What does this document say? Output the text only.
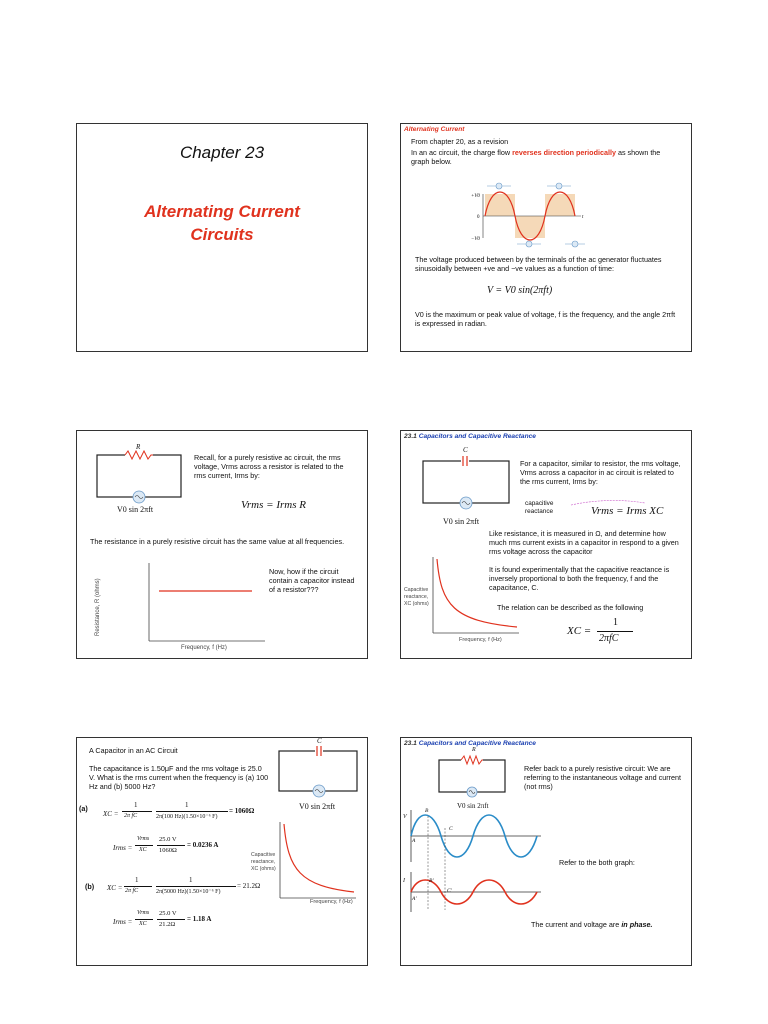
Chapter 23
Alternating Current
Circuits
Alternating Current
From chapter 20, as a revision
In an ac circuit, the charge flow reverses direction periodically as shown the
graph below.
+V0
0
−V0
t
The voltage produced between by the terminals of the ac generator fluctuates sinusoidally between +ve and −ve values as a function of time:
V = V0 sin(2πft)
V0 is the maximum or peak value of voltage, f is the frequency, and the angle 2πft is expressed in radian.
R
V0 sin 2πft
Recall, for a purely resistive ac circuit, the rms voltage, Vrms across a resistor is related to the rms current, Irms by:
Vrms = Irms R
The resistance in a purely resistive circuit has the same value at all frequencies.
Resistance, R (ohms)
Frequency, f (Hz)
Now, how if the circuit contain a capacitor instead of a resistor???
23.1 Capacitors and Capacitive Reactance
C
V0 sin 2πft
For a capacitor, similar to resistor, the rms voltage, Vrms across a capacitor in ac circuit is related to the rms current, Irms by:
capacitive reactance	Vrms = Irms XC
Like resistance, it is measured in Ω, and determine how much rms current exists in a capacitor in respond to a given rms voltage across the capacitor
It is found experimentally that the capacitive reactance is inversely proportional to both the frequency, f and the capacitance, C.
The relation can be described as the following
Capacitive reactance, XC (ohms)
Frequency, f (Hz)
XC =
1
2πfC
A Capacitor in an AC Circuit
The capacitance is 1.50μF and the rms voltage is 25.0 V. What is the rms current when the frequency is (a) 100 Hz and (b) 5000 Hz?
C
V0 sin 2πft
(a)
XC =
1
2π fC
1
2π(100 Hz)(1.50×10⁻⁶ F)
= 1060Ω
Irms =
Vrms
XC
25.0 V
1060Ω
= 0.0236 A
(b) XC =
1
2π fC
1
2π(5000 Hz)(1.50×10⁻⁶ F)
= 21.2Ω
Irms =
Vrms
XC
25.0 V
21.2Ω
= 1.18 A
Capacitive reactance, XC (ohms)
Frequency, f (Hz)
23.1 Capacitors and Capacitive Reactance
R
V0 sin 2πft
Refer back to a purely resistive circuit: We are referring to the instantaneous voltage and current (not rms)
V
A
B
C
I
A'
B'
C'
Refer to the both graph:
The current and voltage are in phase.
